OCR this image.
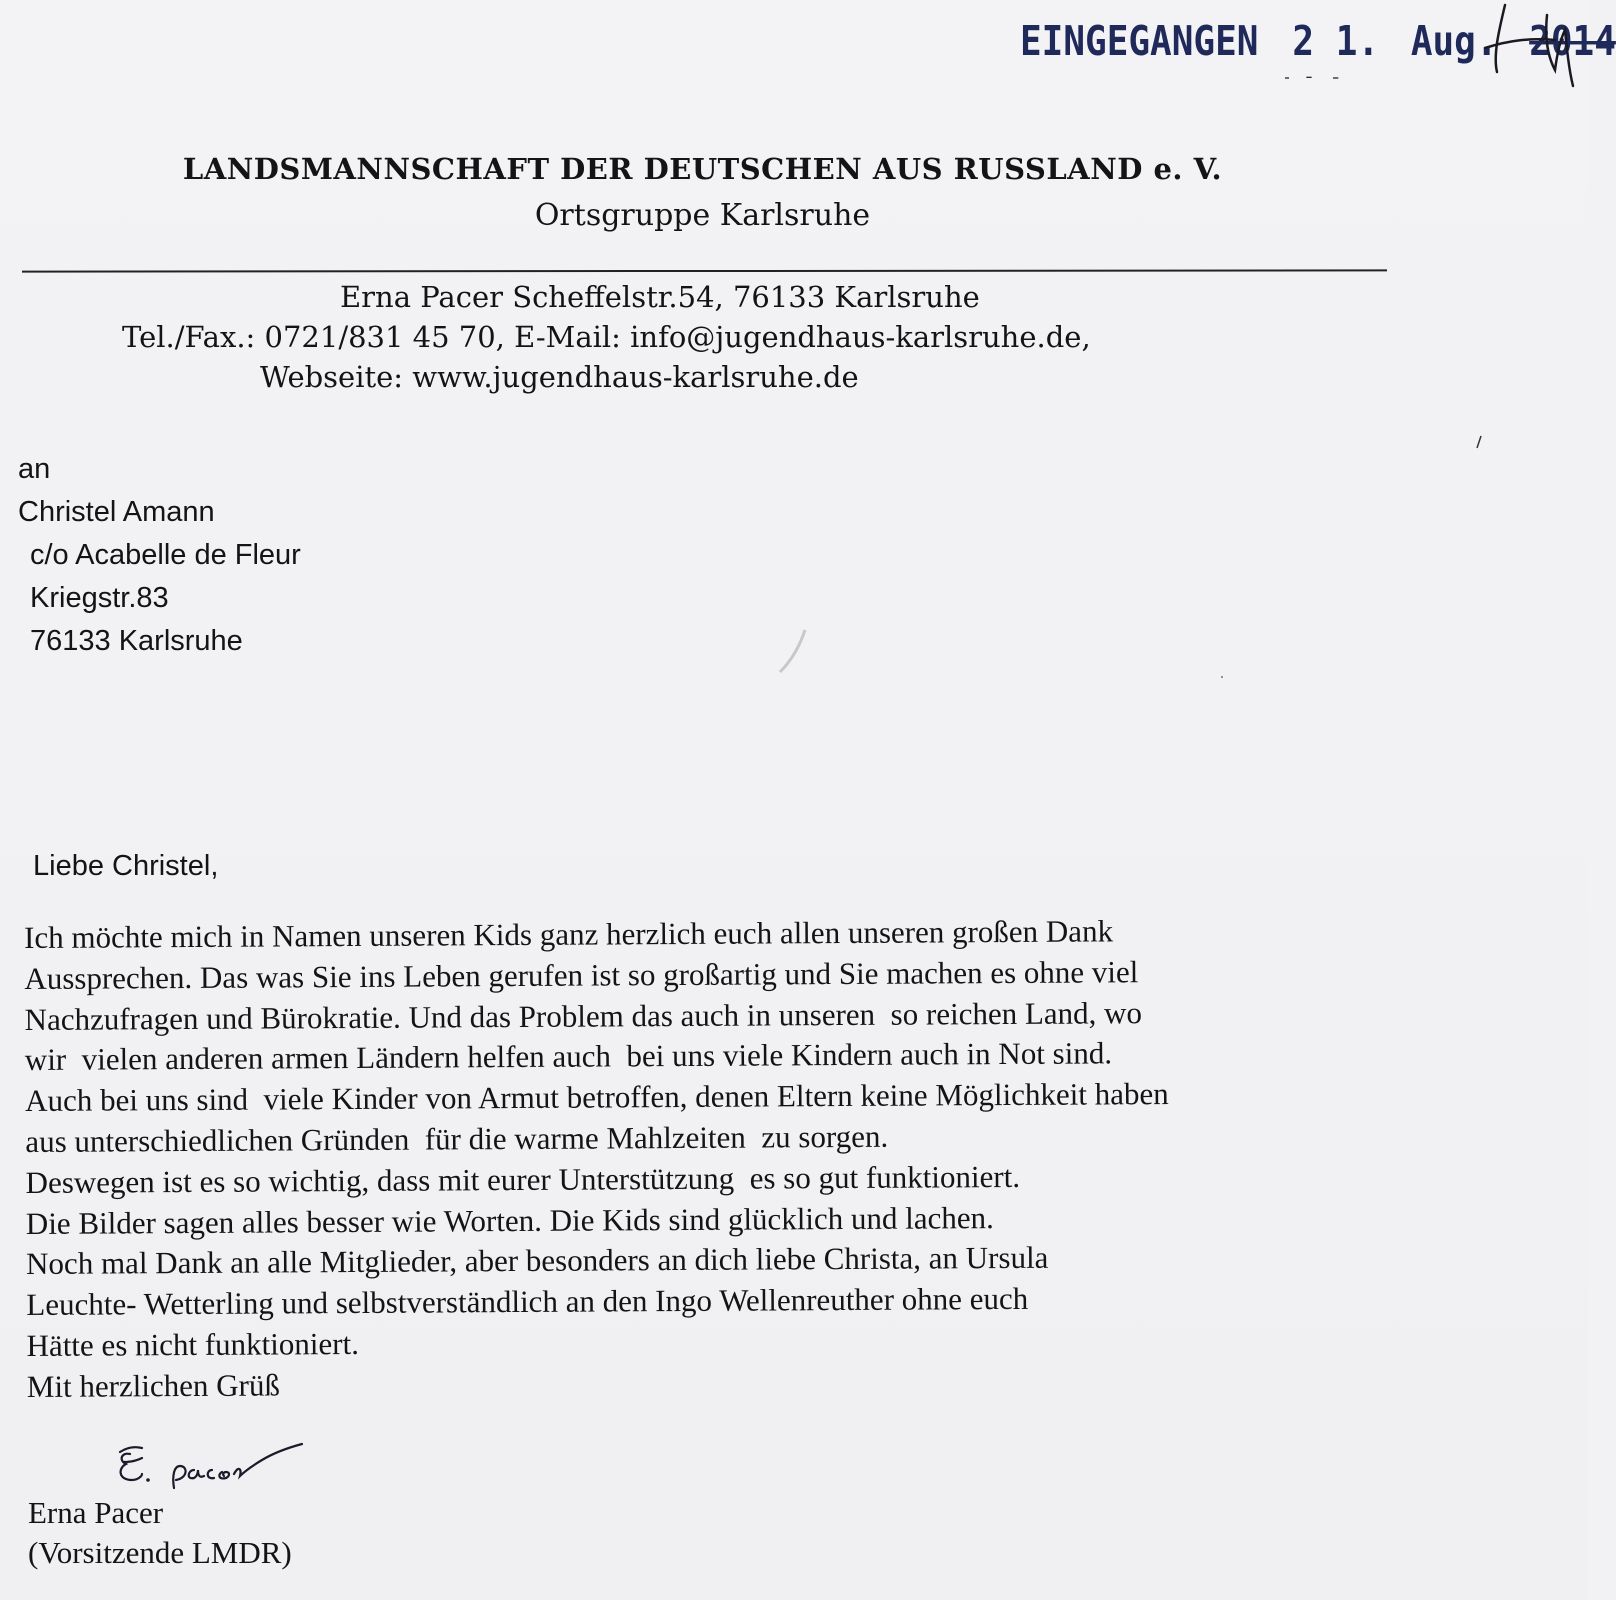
EINGEGANGEN 2 1. Aug. 2014
LANDSMANNSCHAFT DER DEUTSCHEN AUS RUSSLAND e. V.
Ortsgruppe Karlsruhe
Erna Pacer Scheffelstr.54, 76133 Karlsruhe
Tel./Fax.: 0721/831 45 70, E-Mail: info@jugendhaus-karlsruhe.de,
Webseite: www.jugendhaus-karlsruhe.de
an
Christel Amann
c/o Acabelle de Fleur
Kriegstr.83
76133 Karlsruhe
Liebe Christel,
Ich möchte mich in Namen unseren Kids ganz herzlich euch allen unseren großen Dank
Aussprechen. Das was Sie ins Leben gerufen ist so großartig und Sie machen es ohne viel
Nachzufragen und Bürokratie. Und das Problem das auch in unseren  so reichen Land, wo
wir  vielen anderen armen Ländern helfen auch  bei uns viele Kindern auch in Not sind.
Auch bei uns sind  viele Kinder von Armut betroffen, denen Eltern keine Möglichkeit haben
aus unterschiedlichen Gründen  für die warme Mahlzeiten  zu sorgen.
Deswegen ist es so wichtig, dass mit eurer Unterstützung  es so gut funktioniert.
Die Bilder sagen alles besser wie Worten. Die Kids sind glücklich und lachen.
Noch mal Dank an alle Mitglieder, aber besonders an dich liebe Christa, an Ursula
Leuchte- Wetterling und selbstverständlich an den Ingo Wellenreuther ohne euch
Hätte es nicht funktioniert.
Mit herzlichen Grüß
Erna Pacer
(Vorsitzende LMDR)
